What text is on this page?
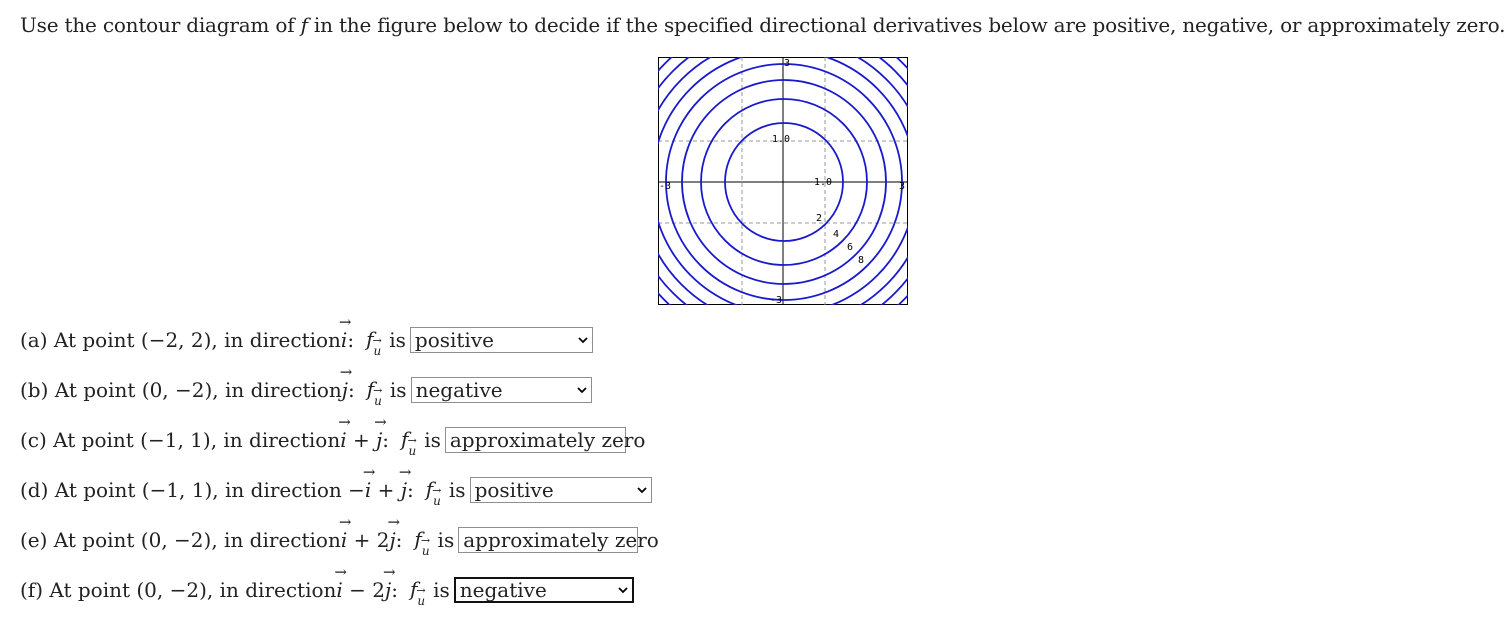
Use the contour diagram of f in the figure below to decide if the specified directional derivatives below are positive, negative, or approximately zero.
-3	3
3
-3
1.0
1.0
2
4
6
8
(a) At point (−2, 2), in direction → i : f→ $_u$ is positive
(b) At point (0, −2), in direction → j : f→ $_u$ is negative
(c) At point (−1, 1), in direction → i + → j : f→ $_u$ is approximately zero
(d) At point (−1, 1), in direction − → i + → j : f→ $_u$ is positive
(e) At point (0, −2), in direction → i + 2 → j : f→ $_u$ is approximately zero
(f) At point (0, −2), in direction → i − 2 → j : f→ $_u$ is negative
